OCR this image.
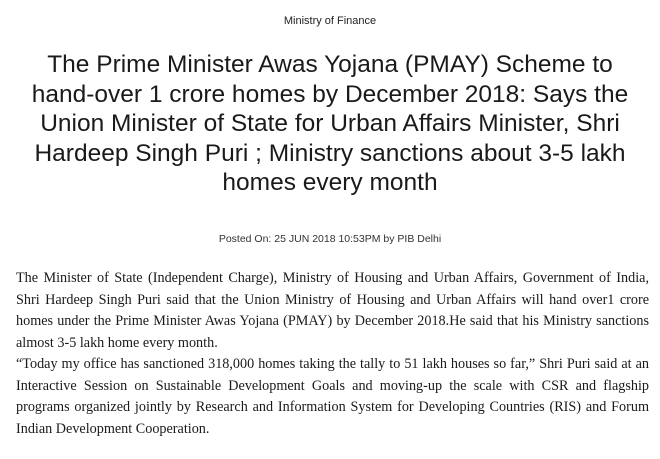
Ministry of Finance
The Prime Minister Awas Yojana (PMAY) Scheme to hand-over 1 crore homes by December 2018: Says the Union Minister of State for Urban Affairs Minister, Shri Hardeep Singh Puri ; Ministry sanctions about 3-5 lakh homes every month
Posted On: 25 JUN 2018 10:53PM by PIB Delhi

The Minister of State (Independent Charge), Ministry of Housing and Urban Affairs, Government of India, Shri Hardeep Singh Puri said that the Union Ministry of Housing and Urban Affairs will hand over1 crore homes under the Prime Minister Awas Yojana (PMAY) by December 2018.He said that his Ministry sanctions almost 3-5 lakh home every month.

“Today my office has sanctioned 318,000 homes taking the tally to 51 lakh houses so far,” Shri Puri said at an Interactive Session on Sustainable Development Goals and moving-up the scale with CSR and flagship programs organized jointly by Research and Information System for Developing Countries (RIS) and Forum Indian Development Cooperation.
